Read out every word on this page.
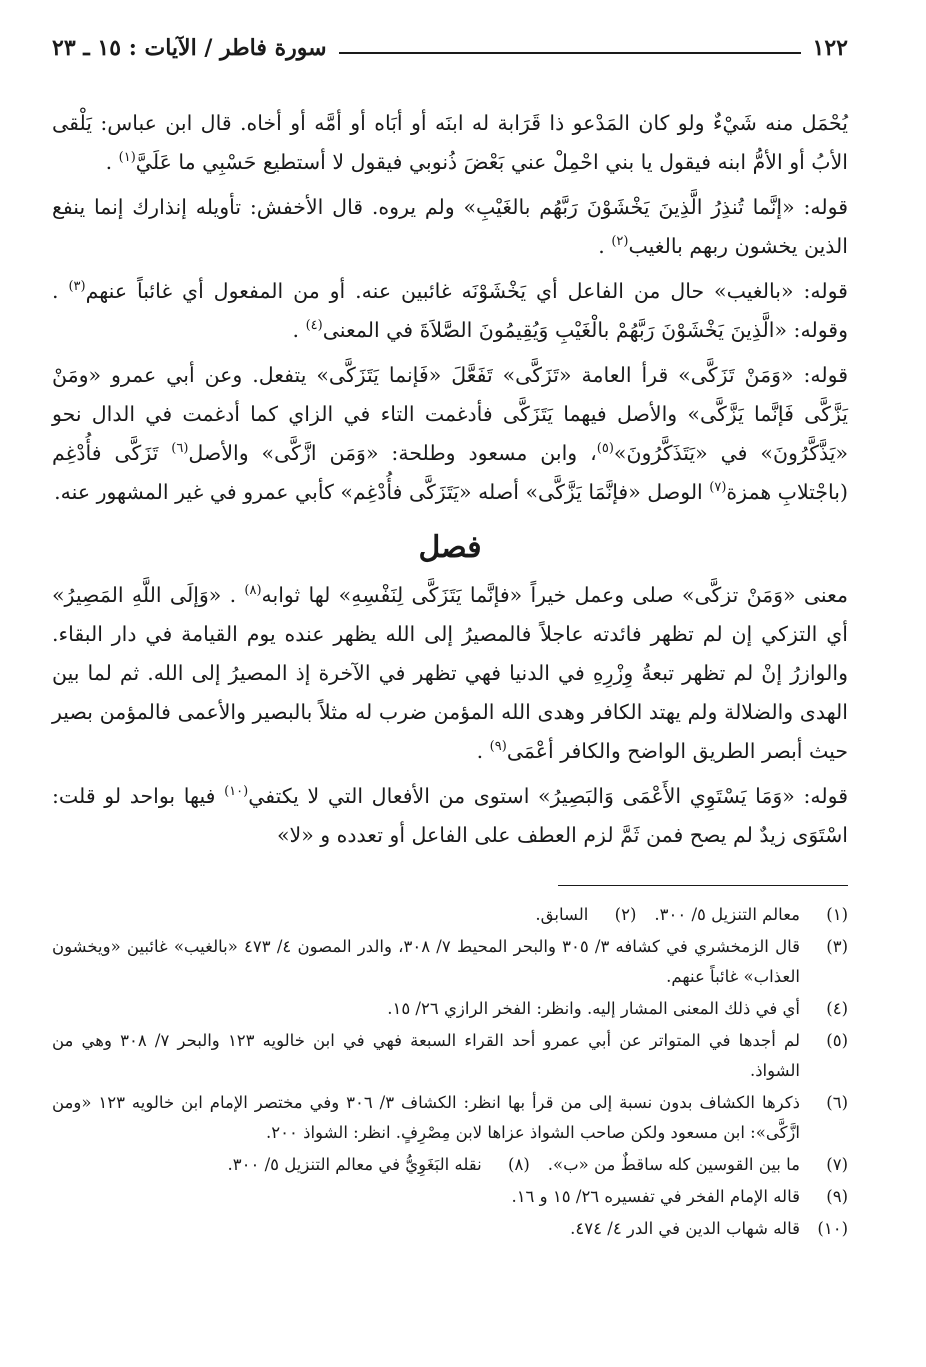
١٢٢
سورة فاطر / الآيات : ١٥ ـ ٢٣

يُحْمَل منه شَيْءٌ ولو كان المَدْعو ذا قَرَابة له ابنَه أو أبَاه أو أمَّه أو أخاه. قال ابن عباس: يَلْقى الأبُ أو الأمُّ ابنه فيقول يا بني احْمِلْ عني بَعْضَ ذُنوبي فيقول لا أستطيع حَسْبِي ما عَلَيَّ$^{(١)}$ .

قوله: «إنَّما تُنذِرُ الَّذِينَ يَخْشَوْنَ رَبَّهُم بالغَيْبِ» ولم يروه. قال الأخفش: تأويله إنذارك إنما ينفع الذين يخشون ربهم بالغيب$^{(٢)}$ .

قوله: «بالغيب» حال من الفاعل أي يَخْشَوْنَه غائبين عنه. أو من المفعول أي غائباً عنهم$^{(٣)}$ . وقوله: «الَّذِينَ يَخْشَوْنَ رَبَّهُمْ بالْغَيْبِ وَيُقِيمُونَ الصَّلاَةَ في المعنى$^{(٤)}$ .

قوله: «وَمَنْ تَزَكَّى» قرأ العامة «تَزَكَّى» تَفَعَّلَ «فَإنما يَتَزَكَّى» يتفعل. وعن أبي عمرو «ومَنْ يَزَّكَّى فَإنَّما يَزَّكَّى» والأصل فيهما يَتَزَكَّى فأدغمت التاء في الزاي كما أدغمت في الدال نحو «يَذَّكَّرُونَ» في «يَتَذَكَّرُونَ»$^{(٥)}$، وابن مسعود وطلحة: «وَمَن ازَّكَّى» والأصل$^{(٦)}$ تَزَكَّى فأُدْغِم (باجْتلابِ همزة$^{(٧)}$ الوصل «فإنَّمَا يَزَّكَّى» أصله «يَتَزَكَّى فأُدْغِم» كأبي عمرو في غير المشهور عنه.

فصل

معنى «وَمَنْ تزكَّى» صلى وعمل خيراً «فإنَّما يَتَزَكَّى لِنَفْسِهِ» لها ثوابه$^{(٨)}$ . «وَإلَى اللَّهِ المَصِيرُ» أي التزكي إن لم تظهر فائدته عاجلاً فالمصيرُ إلى الله يظهر عنده يوم القيامة في دار البقاء. والوازرُ إنْ لم تظهر تبعةُ وِزْرِهِ في الدنيا فهي تظهر في الآخرة إذ المصيرُ إلى الله. ثم لما بين الهدى والضلالة ولم يهتد الكافر وهدى الله المؤمن ضرب له مثلاً بالبصير والأعمى فالمؤمن بصير حيث أبصر الطريق الواضح والكافر أعْمَى$^{(٩)}$ .

قوله: «وَمَا يَسْتَوِي الأَعْمَى وَالبَصِيرُ» استوى من الأفعال التي لا يكتفي$^{(١٠)}$ فيها بواحد لو قلت: اسْتَوَى زيدٌ لم يصح فمن ثَمَّ لزم العطف على الفاعل أو تعدده و «لا»

(١)
معالم التنزيل ٥/ ٣٠٠.
(٢)
السابق.
(٣)
قال الزمخشري في كشافه ٣/ ٣٠٥ والبحر المحيط ٧/ ٣٠٨، والدر المصون ٤/ ٤٧٣ «بالغيب» غائبين «ويخشون العذاب» غائباً عنهم.
(٤)
أي في ذلك المعنى المشار إليه. وانظر: الفخر الرازي ٢٦/ ١٥.
(٥)
لم أجدها في المتواتر عن أبي عمرو أحد القراء السبعة فهي في ابن خالويه ١٢٣ والبحر ٧/ ٣٠٨ وهي من الشواذ.
(٦)
ذكرها الكشاف بدون نسبة إلى من قرأ بها انظر: الكشاف ٣/ ٣٠٦ وفي مختصر الإمام ابن خالويه ١٢٣ «ومن ازَّكَّى»: ابن مسعود ولكن صاحب الشواذ عزاها لابن مِصْرِفٍ. انظر: الشواذ ٢٠٠.
(٧)
ما بين القوسين كله ساقطٌ من «ب».
(٨)
نقله البَغَوِيُّ في معالم التنزيل ٥/ ٣٠٠.
(٩)
قاله الإمام الفخر في تفسيره ٢٦/ ١٥ و ١٦.
(١٠)
قاله شهاب الدين في الدر ٤/ ٤٧٤.
